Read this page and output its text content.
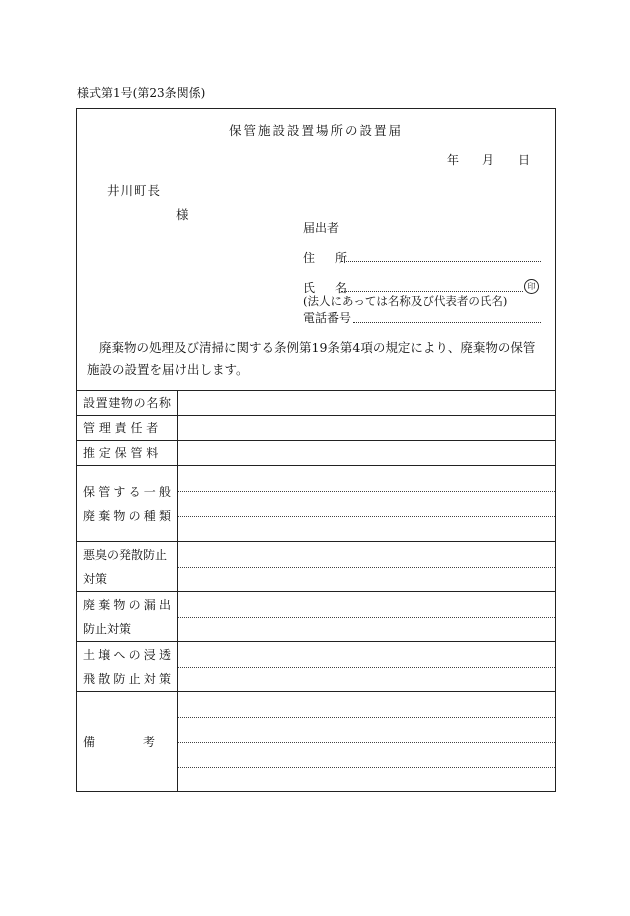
様式第1号(第23条関係)
保管施設設置場所の設置届
年 月 日
井川町長
様
届出者
住　所
氏　名	印
(法人にあっては名称及び代表者の氏名)
電話番号
廃棄物の処理及び清掃に関する条例第19条第4項の規定により、廃棄物の保管施設の設置を届け出します。
設置建物の名称
管 理 責 任 者
推 定 保 管 料
保管する一般
廃棄物の種類
悪臭の発散防止
対策
廃棄物の漏出
防止対策
土壌への浸透
飛散防止対策
備　　　　考
